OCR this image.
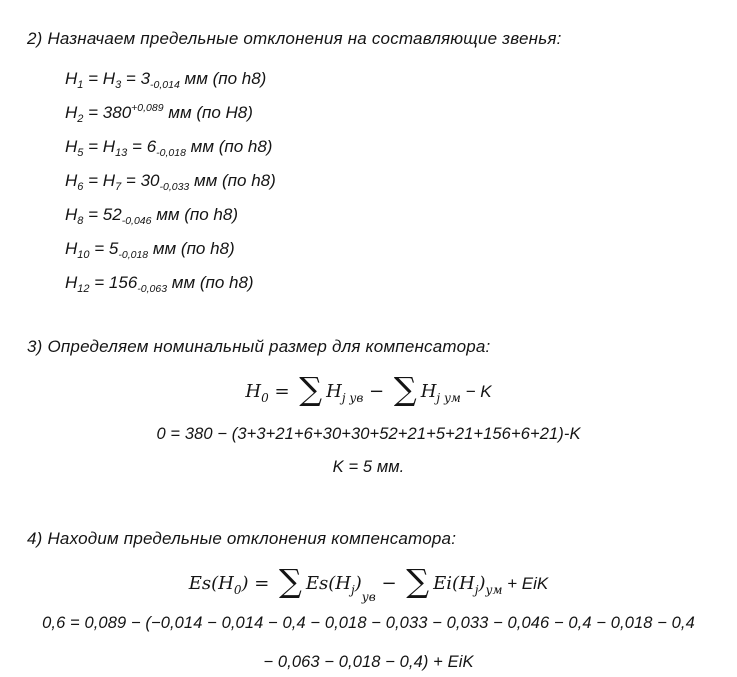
2) Назначаем предельные отклонения на составляющие звенья:
$H_1 = H_3 = 3_{-0,014}$ мм (по h8)
$H_2 = 380^{+0,089}$ мм (по H8)
$H_5 = H_{13} = 6_{-0,018}$ мм (по h8)
$H_6 = H_7 = 30_{-0,033}$ мм (по h8)
$H_8 = 52_{-0,046}$ мм (по h8)
$H_{10} = 5_{-0,018}$ мм (по h8)
$H_{12} = 156_{-0,063}$ мм (по h8)
3) Определяем номинальный размер для компенсатора:
$H_0$ = ∑ $H_{j ув}$ − ∑ $H_{j ум} - K$
0 = 380 − (3+3+21+6+30+30+52+21+5+21+156+6+21)-K
K = 5 мм.
4) Находим предельные отклонения компенсатора:
$Es(H_0)$ = ∑ $Es(H_j)_{ув}$ − ∑ $Ei(H_j)_{ум}$ + EiK
0,6 = 0,089 − (−0,014 − 0,014 − 0,4 − 0,018 − 0,033 − 0,033 − 0,046 − 0,4 − 0,018 − 0,4
− 0,063 − 0,018 − 0,4) + EiK
